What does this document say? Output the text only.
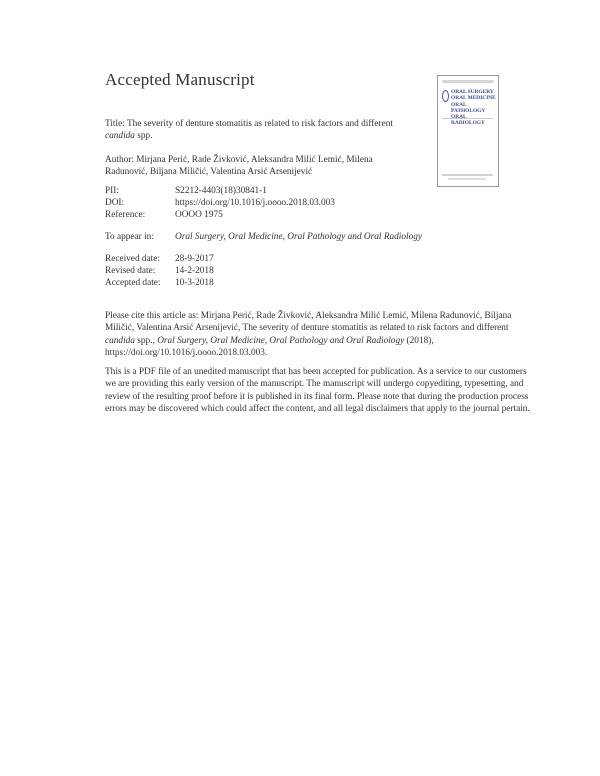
Accepted Manuscript
ORAL SURGERY
ORAL MEDICINE
ORAL PATHOLOGY
RADIOLOGY
Title: The severity of denture stomatitis as related to risk factors and different candida spp.
Author: Mirjana Perić, Rade Živković, Aleksandra Milić Lemić, Milena Radunović, Biljana Miličić, Valentina Arsić Arsenijević
PII:	S2212-4403(18)30841-1
DOI:	https://doi.org/10.1016/j.oooo.2018.03.003
Reference:	OOOO 1975
To appear in: Oral Surgery, Oral Medicine, Oral Pathology and Oral Radiology
Received date: 28-9-2017
Revised date: 14-2-2018
Accepted date: 10-3-2018
Please cite this article as: Mirjana Perić, Rade Živković, Aleksandra Milić Lemić, Milena Radunović, Biljana Miličić, Valentina Arsić Arsenijević, The severity of denture stomatitis as related to risk factors and different candida spp., Oral Surgery, Oral Medicine, Oral Pathology and Oral Radiology (2018), https://doi.org/10.1016/j.oooo.2018.03.003.
This is a PDF file of an unedited manuscript that has been accepted for publication. As a service to our customers we are providing this early version of the manuscript. The manuscript will undergo copyediting, typesetting, and review of the resulting proof before it is published in its final form. Please note that during the production process errors may be discovered which could affect the content, and all legal disclaimers that apply to the journal pertain.
